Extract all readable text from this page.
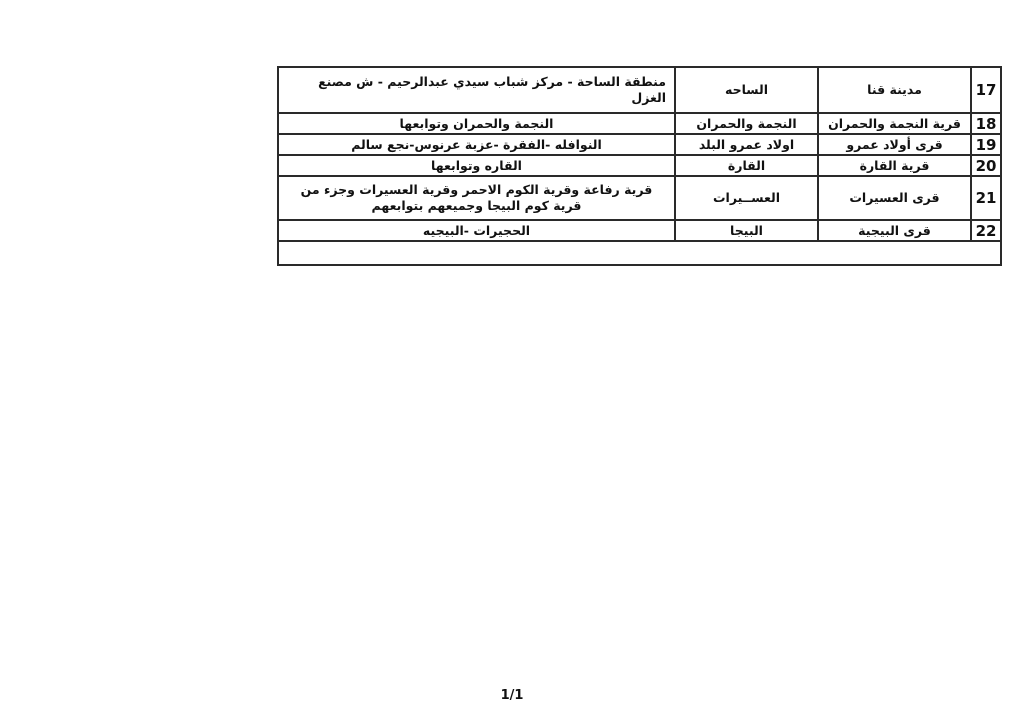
17	مدينة قنا	الساحه	منطقة الساحة - مركز شباب سيدي عبدالرحيم - ش مصنع الغزل
18	قرية النجمة والحمران	النجمة والحمران	النجمة والحمران وتوابعها
19	قرى أولاد عمرو	اولاد عمرو البلد	النوافله -الفقرة -عزبة عرنوس-نجع سالم
20	قرية القارة	القارة	القاره وتوابعها
21	قرى العسيرات	العســيرات	قرية رفاعة وقرية الكوم الاحمر وقرية العسيرات وجزء من قرية كوم البيجا وجميعهم بتوابعهم
22	قرى البيجية	البيجا	الحجيرات -البيجيه

1/1
